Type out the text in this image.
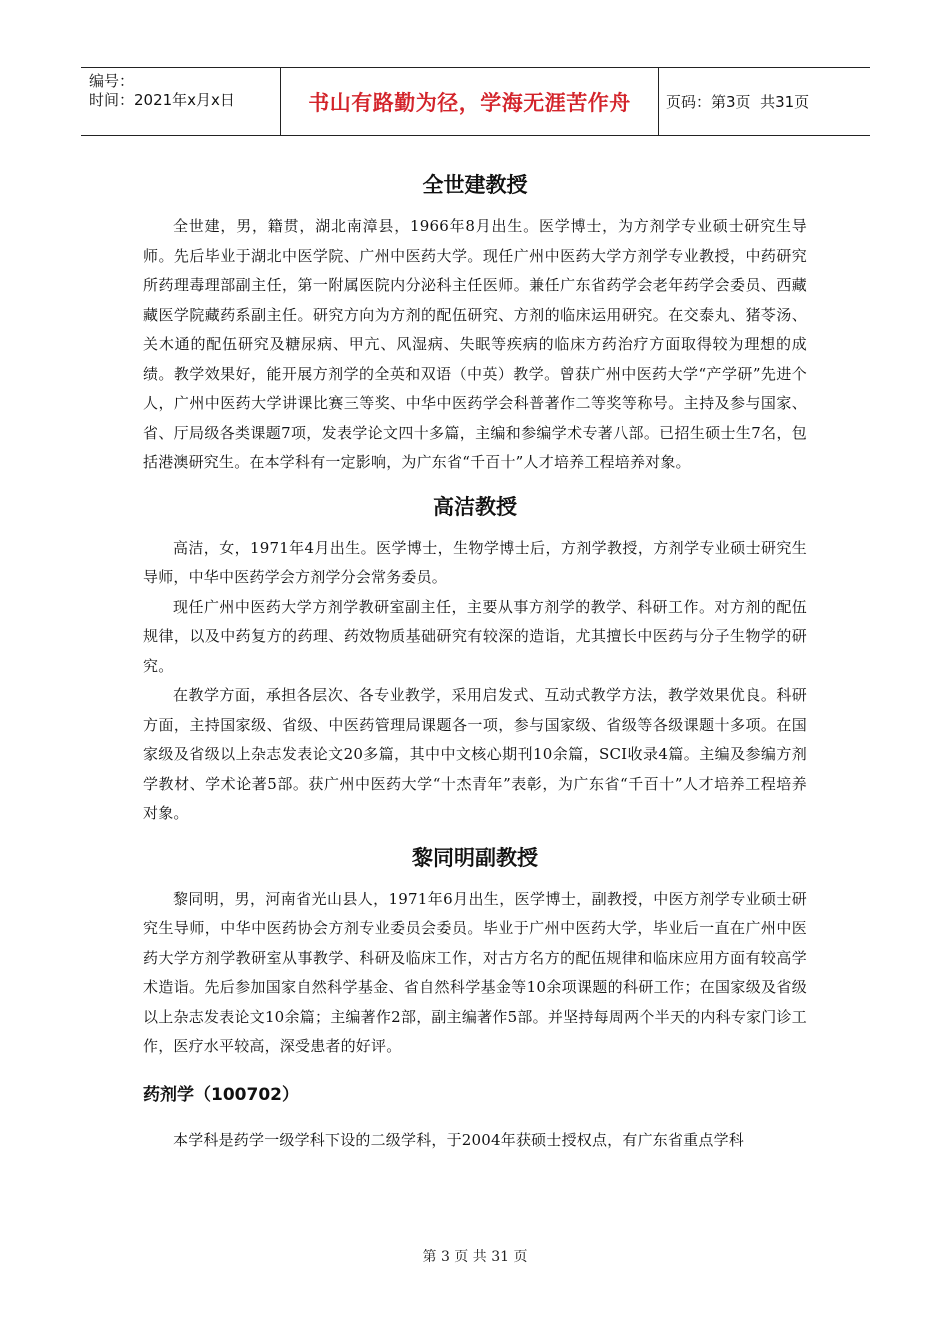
编号：
时间：2021年x月x日	书山有路勤为径，学海无涯苦作舟 页码：第3页  共31页
全世建教授

全世建，男，籍贯，湖北南漳县，1966年8月出生。医学博士，为方剂学专业硕士研究生导师。先后毕业于湖北中医学院、广州中医药大学。现任广州中医药大学方剂学专业教授，中药研究所药理毒理部副主任，第一附属医院内分泌科主任医师。兼任广东省药学会老年药学会委员、西藏藏医学院藏药系副主任。研究方向为方剂的配伍研究、方剂的临床运用研究。在交泰丸、猪苓汤、关木通的配伍研究及糖尿病、甲亢、风湿病、失眠等疾病的临床方药治疗方面取得较为理想的成绩。教学效果好，能开展方剂学的全英和双语（中英）教学。曾获广州中医药大学“产学研”先进个人，广州中医药大学讲课比赛三等奖、中华中医药学会科普著作二等奖等称号。主持及参与国家、省、厅局级各类课题7项，发表学论文四十多篇，主编和参编学术专著八部。已招生硕士生7名，包括港澳研究生。在本学科有一定影响，为广东省“千百十”人才培养工程培养对象。

高洁教授

高洁，女，1971年4月出生。医学博士，生物学博士后，方剂学教授，方剂学专业硕士研究生导师，中华中医药学会方剂学分会常务委员。

现任广州中医药大学方剂学教研室副主任，主要从事方剂学的教学、科研工作。对方剂的配伍规律，以及中药复方的药理、药效物质基础研究有较深的造诣，尤其擅长中医药与分子生物学的研究。

在教学方面，承担各层次、各专业教学，采用启发式、互动式教学方法，教学效果优良。科研方面，主持国家级、省级、中医药管理局课题各一项，参与国家级、省级等各级课题十多项。在国家级及省级以上杂志发表论文20多篇，其中中文核心期刊10余篇，SCI收录4篇。主编及参编方剂学教材、学术论著5部。获广州中医药大学“十杰青年”表彰，为广东省“千百十”人才培养工程培养对象。

黎同明副教授

黎同明，男，河南省光山县人，1971年6月出生，医学博士，副教授，中医方剂学专业硕士研究生导师，中华中医药协会方剂专业委员会委员。毕业于广州中医药大学，毕业后一直在广州中医药大学方剂学教研室从事教学、科研及临床工作，对古方名方的配伍规律和临床应用方面有较高学术造诣。先后参加国家自然科学基金、省自然科学基金等10余项课题的科研工作；在国家级及省级以上杂志发表论文10余篇；主编著作2部，副主编著作5部。并坚持每周两个半天的内科专家门诊工作，医疗水平较高，深受患者的好评。

药剂学（100702）

本学科是药学一级学科下设的二级学科，于2004年获硕士授权点，有广东省重点学科

第 3 页 共 31 页
